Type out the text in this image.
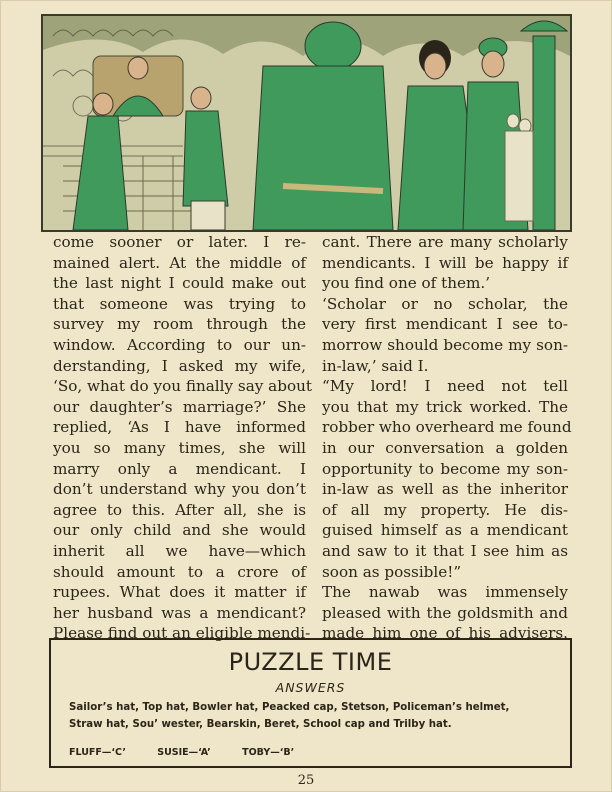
come sooner or later. I re-
mained alert. At the middle of
the last night I could make out
that someone was trying to
survey my room through the
window. According to our un-
derstanding, I asked my wife,
‘So, what do you finally say about
our daughter’s marriage?’ She
replied, ‘As I have informed
you so many times, she will
marry only a mendicant. I
don’t understand why you don’t
agree to this. After all, she is
our only child and she would
inherit all we have—which
should amount to a crore of
rupees. What does it matter if
her husband was a mendicant?
Please find out an eligible mendi-
cant. There are many scholarly
mendicants. I will be happy if
you find one of them.’
‘Scholar or no scholar, the
very first mendicant I see to-
morrow should become my son-
in-law,’ said I.
“My lord! I need not tell
you that my trick worked. The
robber who overheard me found
in our conversation a golden
opportunity to become my son-
in-law as well as the inheritor
of all my property. He dis-
guised himself as a mendicant
and saw to it that I see him as
soon as possible!”
The nawab was immensely
pleased with the goldsmith and
made him one of his advisers.
PUZZLE TIME
ANSWERS
Sailor’s hat, Top hat, Bowler hat, Peacked cap, Stetson, Policeman’s helmet,
Straw hat, Sou’ wester, Bearskin, Beret, School cap and Trilby hat.
FLUFF—‘C’	SUSIE—‘A’	TOBY—‘B’
25
